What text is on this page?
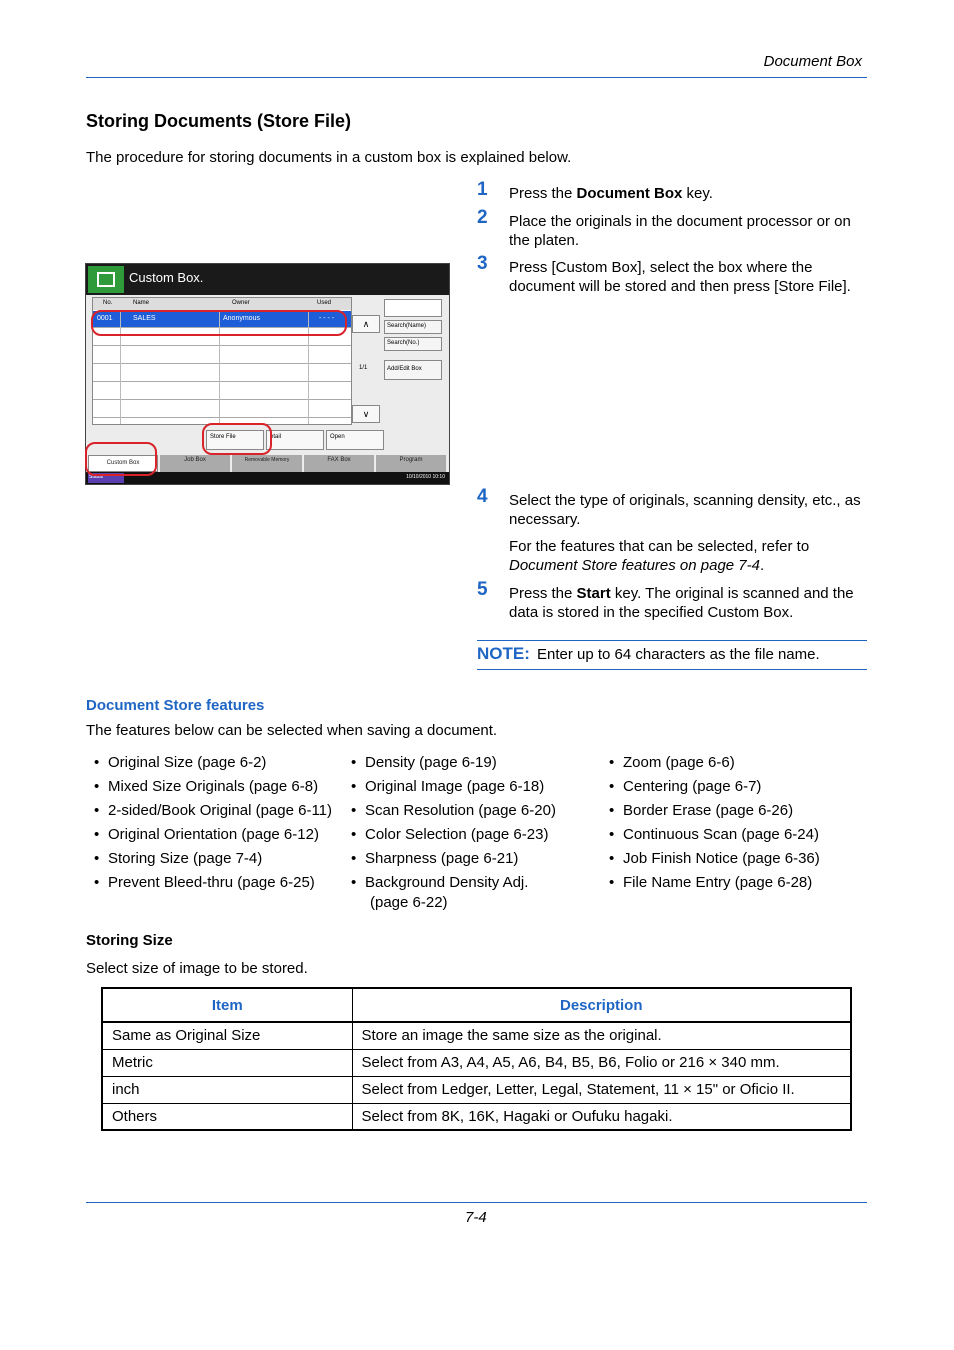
Document Box
Storing Documents (Store File)
The procedure for storing documents in a custom box is explained below.
1 Press the Document Box key.
2 Place the originals in the document processor or on the platen.
3 Press [Custom Box], select the box where the document will be stored and then press [Store File].
4 Select the type of originals, scanning density, etc., as necessary.
For the features that can be selected, refer to Document Store features on page 7-4.
5 Press the Start key. The original is scanned and the data is stored in the specified Custom Box.
NOTE: Enter up to 64 characters as the file name.
Custom Box.
No.	Name	Owner	Used
0001	SALES	Anonymous	- - - -
∧
1/1
∨
Search(Name)
Search(No.)
Add/Edit Box
Store File	etail	Open
Custom Box	Job Box	Removable Memory	FAX Box	Program
Status	10/10/2010 10:10
Document Store features
The features below can be selected when saving a document.
• Original Size (page 6-2)
• Mixed Size Originals (page 6-8)
• 2-sided/Book Original (page 6-11)
• Original Orientation (page 6-12)
• Storing Size (page 7-4)
• Prevent Bleed-thru (page 6-25)
• Density (page 6-19)
• Original Image (page 6-18)
• Scan Resolution (page 6-20)
• Color Selection (page 6-23)
• Sharpness (page 6-21)
• Background Density Adj.
(page 6-22)
• Zoom (page 6-6)
• Centering (page 6-7)
• Border Erase (page 6-26)
• Continuous Scan (page 6-24)
• Job Finish Notice (page 6-36)
• File Name Entry (page 6-28)
Storing Size
Select size of image to be stored.
Item	Description
Same as Original Size	Store an image the same size as the original.
Metric	Select from A3, A4, A5, A6, B4, B5, B6, Folio or 216 × 340 mm.
inch	Select from Ledger, Letter, Legal, Statement, 11 × 15" or Oficio II.
Others	Select from 8K, 16K, Hagaki or Oufuku hagaki.
7-4
